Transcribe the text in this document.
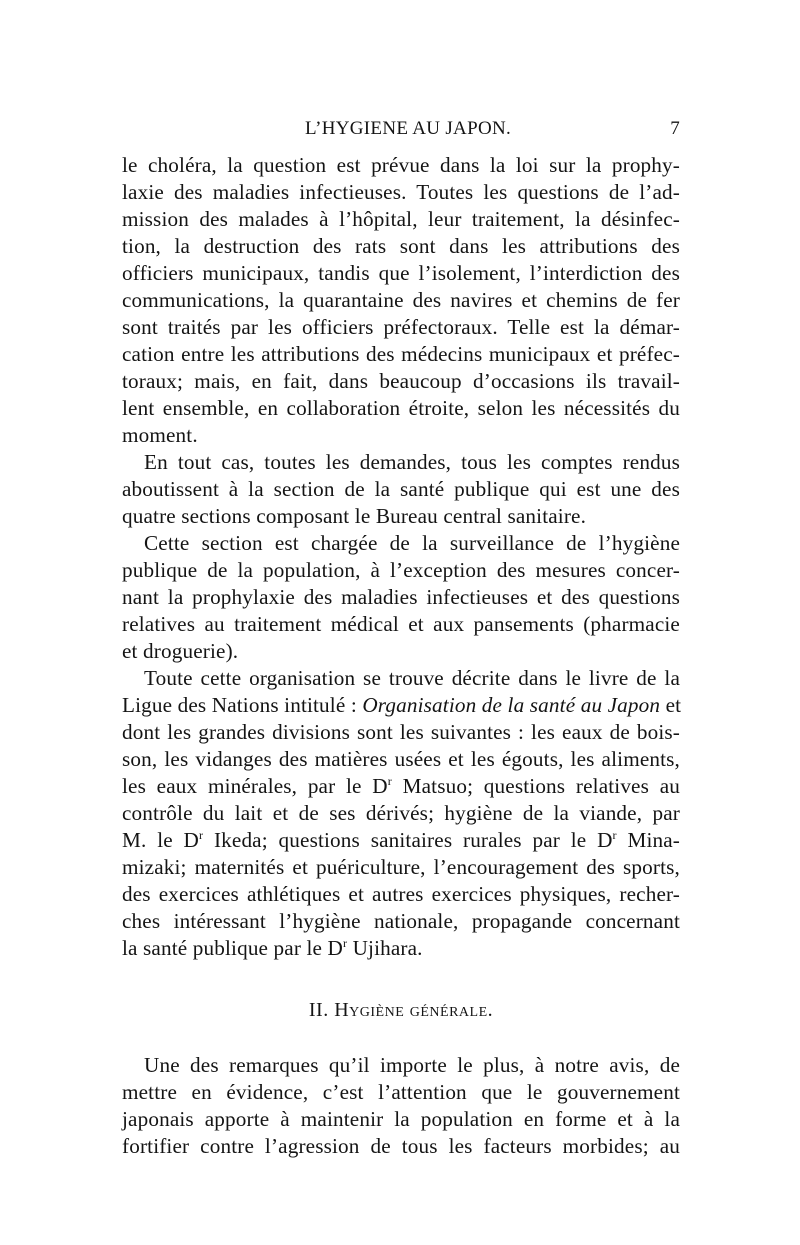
L’HYGIENE AU JAPON.	7
le choléra, la question est prévue dans la loi sur la prophy-
laxie des maladies infectieuses. Toutes les questions de l’ad-
mission des malades à l’hôpital, leur traitement, la désinfec-
tion, la destruction des rats sont dans les attributions des
officiers municipaux, tandis que l’isolement, l’interdiction des
communications, la quarantaine des navires et chemins de fer
sont traités par les officiers préfectoraux. Telle est la démar-
cation entre les attributions des médecins municipaux et préfec-
toraux; mais, en fait, dans beaucoup d’occasions ils travail-
lent ensemble, en collaboration étroite, selon les nécessités du
moment.
En tout cas, toutes les demandes, tous les comptes rendus
aboutissent à la section de la santé publique qui est une des
quatre sections composant le Bureau central sanitaire.
Cette section est chargée de la surveillance de l’hygiène
publique de la population, à l’exception des mesures concer-
nant la prophylaxie des maladies infectieuses et des questions
relatives au traitement médical et aux pansements (pharmacie
et droguerie).
Toute cette organisation se trouve décrite dans le livre de la
Ligue des Nations intitulé : Organisation de la santé au Japon et
dont les grandes divisions sont les suivantes : les eaux de bois-
son, les vidanges des matières usées et les égouts, les aliments,
les eaux minérales, par le $D^r$ Matsuo; questions relatives au
contrôle du lait et de ses dérivés; hygiène de la viande, par
M. le $D^r$ Ikeda; questions sanitaires rurales par le $D^r$ Mina-
mizaki; maternités et puériculture, l’encouragement des sports,
des exercices athlétiques et autres exercices physiques, recher-
ches intéressant l’hygiène nationale, propagande concernant
la santé publique par le $D^r$ Ujihara.
II. Hygiène générale.
Une des remarques qu’il importe le plus, à notre avis, de
mettre en évidence, c’est l’attention que le gouvernement
japonais apporte à maintenir la population en forme et à la
fortifier contre l’agression de tous les facteurs morbides; au
